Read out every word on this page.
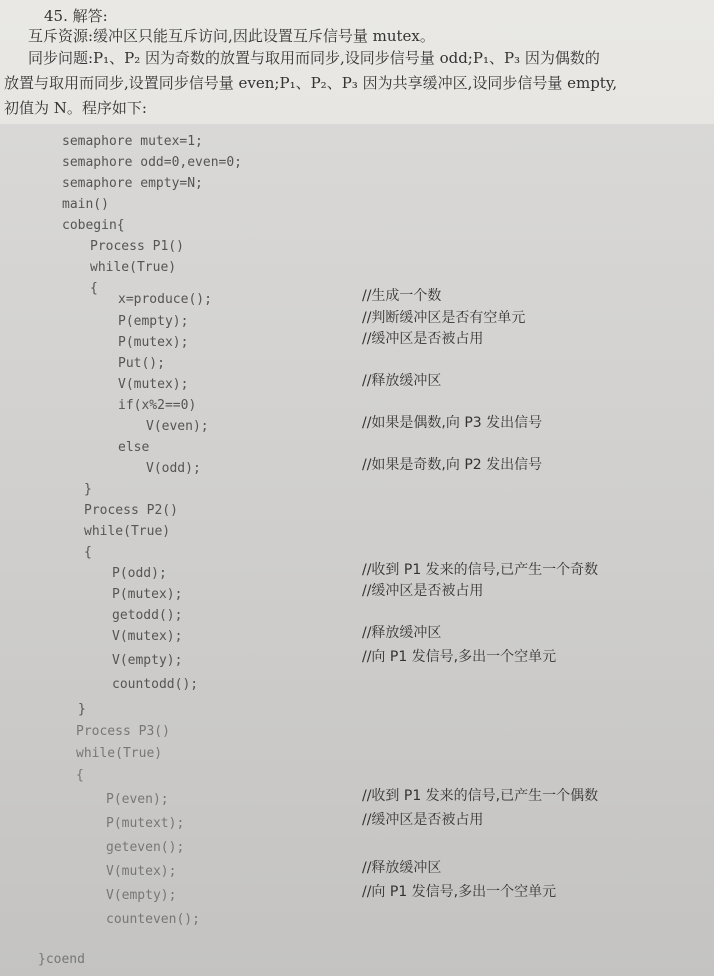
45. 解答:

互斥资源:缓冲区只能互斥访问,因此设置互斥信号量 mutex。

同步问题:P₁、P₂ 因为奇数的放置与取用而同步,设同步信号量 odd;P₁、P₃ 因为偶数的

放置与取用而同步,设置同步信号量 even;P₁、P₂、P₃ 因为共享缓冲区,设同步信号量 empty,

初值为 N。程序如下:

semaphore mutex=1;
semaphore odd=0,even=0;
semaphore empty=N;
main()
cobegin{
Process P1()
while(True)
{
x=produce();
P(empty);
P(mutex);
Put();
V(mutex);
if(x%2==0)
V(even);
else
V(odd);
}
Process P2()
while(True)
{
P(odd);
P(mutex);
getodd();
V(mutex);
V(empty);
countodd();
}
Process P3()
while(True)
{
P(even);
P(mutext);
geteven();
V(mutex);
V(empty);
counteven();
}coend
//生成一个数
//判断缓冲区是否有空单元
//缓冲区是否被占用
//释放缓冲区
//如果是偶数,向 P3 发出信号
//如果是奇数,向 P2 发出信号
//收到 P1 发来的信号,已产生一个奇数
//缓冲区是否被占用
//释放缓冲区
//向 P1 发信号,多出一个空单元
//收到 P1 发来的信号,已产生一个偶数
//缓冲区是否被占用
//释放缓冲区
//向 P1 发信号,多出一个空单元
